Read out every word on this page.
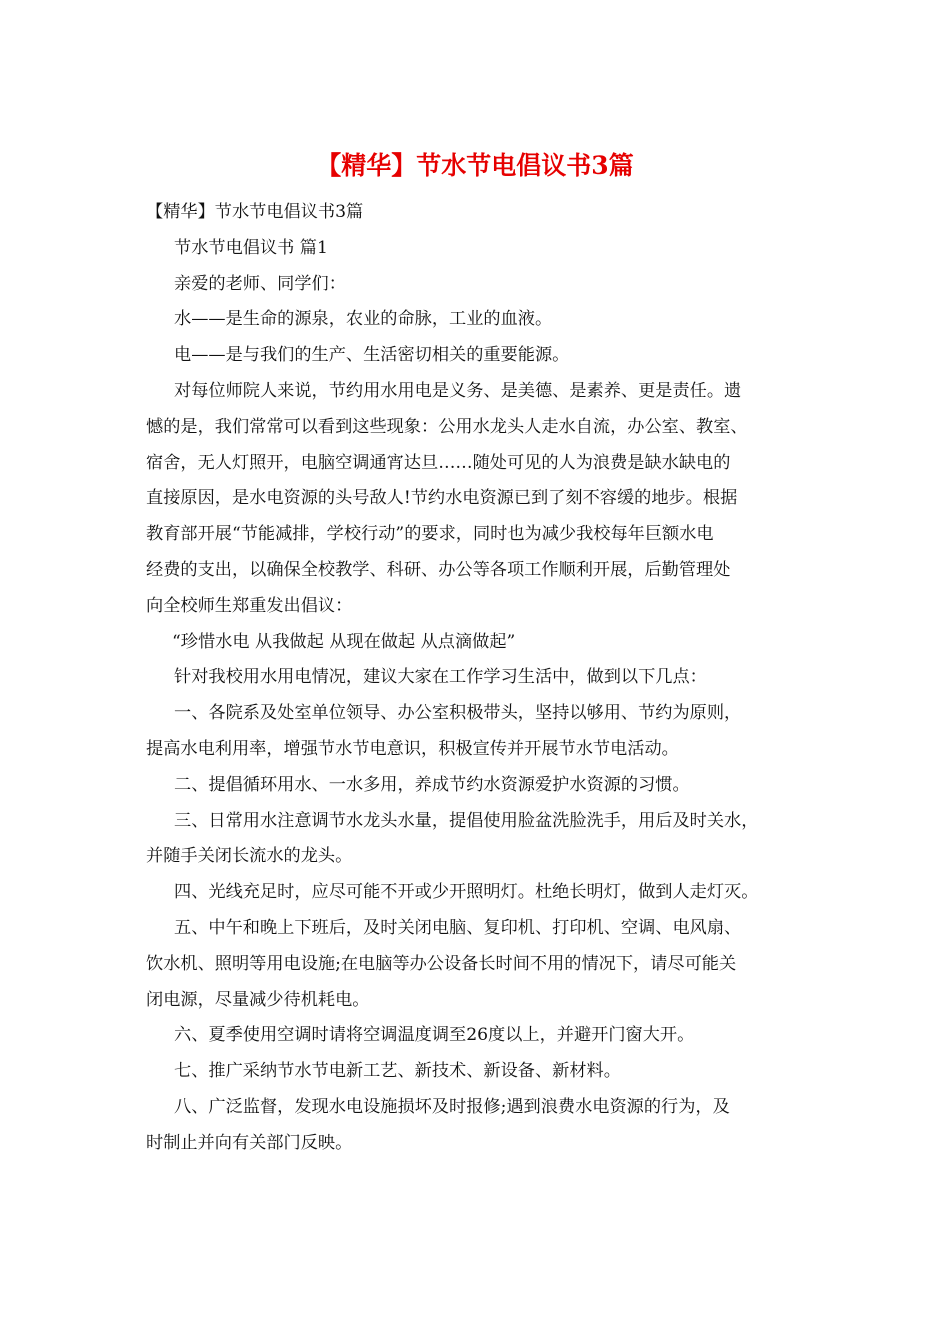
【精华】节水节电倡议书3篇
【精华】节水节电倡议书3篇
节水节电倡议书 篇1
亲爱的老师、同学们：
水——是生命的源泉，农业的命脉，工业的血液。
电——是与我们的生产、生活密切相关的重要能源。
对每位师院人来说，节约用水用电是义务、是美德、是素养、更是责任。遗
憾的是，我们常常可以看到这些现象：公用水龙头人走水自流，办公室、教室、
宿舍，无人灯照开，电脑空调通宵达旦……随处可见的人为浪费是缺水缺电的
直接原因，是水电资源的头号敌人!节约水电资源已到了刻不容缓的地步。根据
教育部开展“节能减排，学校行动”的要求，同时也为减少我校每年巨额水电
经费的支出，以确保全校教学、科研、办公等各项工作顺利开展，后勤管理处
向全校师生郑重发出倡议：
“珍惜水电 从我做起 从现在做起 从点滴做起”
针对我校用水用电情况，建议大家在工作学习生活中，做到以下几点：
一、各院系及处室单位领导、办公室积极带头，坚持以够用、节约为原则，
提高水电利用率，增强节水节电意识，积极宣传并开展节水节电活动。
二、提倡循环用水、一水多用，养成节约水资源爱护水资源的习惯。
三、日常用水注意调节水龙头水量，提倡使用脸盆洗脸洗手，用后及时关水，
并随手关闭长流水的龙头。
四、光线充足时，应尽可能不开或少开照明灯。杜绝长明灯，做到人走灯灭。
五、中午和晚上下班后，及时关闭电脑、复印机、打印机、空调、电风扇、
饮水机、照明等用电设施;在电脑等办公设备长时间不用的情况下，请尽可能关
闭电源，尽量减少待机耗电。
六、夏季使用空调时请将空调温度调至26度以上，并避开门窗大开。
七、推广采纳节水节电新工艺、新技术、新设备、新材料。
八、广泛监督，发现水电设施损坏及时报修;遇到浪费水电资源的行为，及
时制止并向有关部门反映。
